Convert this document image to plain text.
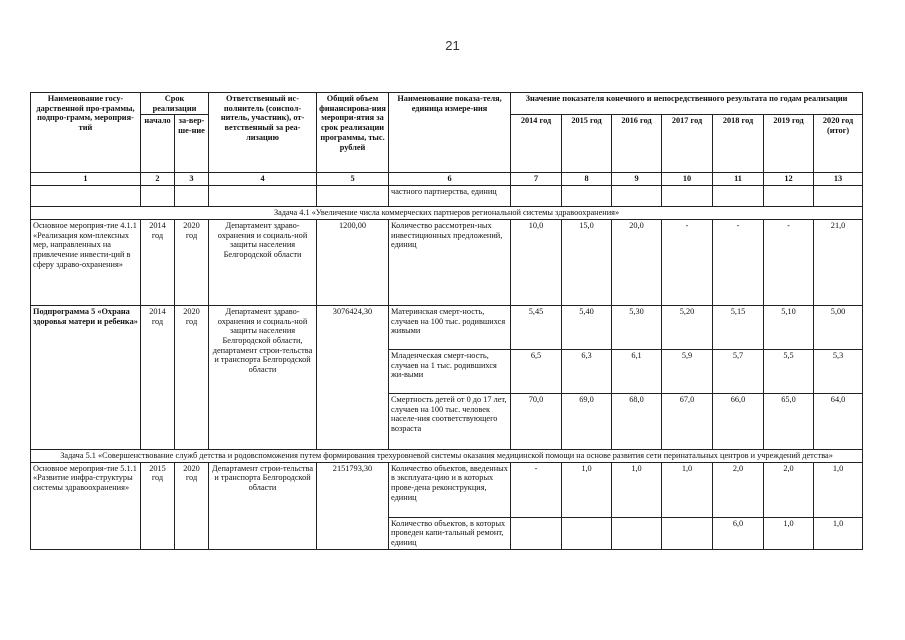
21
Наименование госу-дарственной про-граммы, подпро-грамм, мероприя-тий	Срок реализации		Ответственный ис-полнитель (соиспол-нитель, участник), от-ветственный за реа-лизацию	Общий объем финансирова-ния меропри-ятия за срок реализации программы, тыс. рублей	Наименование показа-теля, единица измере-ния	Значение показателя конечного и непосредственного результата по годам реализации						
	начало	за-вер-ше-ние				2014 год	2015 год	2016 год	2017 год	2018 год	2019 год	2020 год (итог)
1	2	3	4	5	6	7	8	9	10	11	12	13
					частного партнерства, единиц							
Задача 4.1 «Увеличение числа коммерческих партнеров региональной системы здравоохранения»												
Основное мероприя-тие 4.1.1 «Реализация ком-плексных мер, направленных на привлечение инвести-ций в сферу здраво-охранения»	2014 год	2020 год	Департамент здраво-охранения и социаль-ной защиты населения Белгородской области	1200,00	Количество рассмотрен-ных инвестиционных предложений, единиц	10,0	15,0	20,0	-	-	-	21,0
Подпрограмма 5 «Охрана здоровья матери и ребенка»	2014 год	2020 год	Департамент здраво-охранения и социаль-ной защиты населения Белгородской области, департамент строи-тельства и транспорта Белгородской области	3076424,30	Материнская смерт-ность, случаев на 100 тыс. родившихся живыми	5,45	5,40	5,30	5,20	5,15	5,10	5,00
					Младенческая смерт-ность, случаев на 1 тыс. родившихся жи-выми	6,5	6,3	6,1	5,9	5,7	5,5	5,3
					Смертность детей от 0 до 17 лет, случаев на 100 тыс. человек населе-ния соответствующего возраста	70,0	69,0	68,0	67,0	66,0	65,0	64,0
Задача 5.1 «Совершенствование служб детства и родовспоможения путем формирования трехуровневой системы оказания медицинской помощи на основе развития сети перинатальных центров и учреждений детства»												
Основное мероприя-тие 5.1.1 «Развитие инфра-структуры системы здравоохранения»	2015 год	2020 год	Департамент строи-тельства и транспорта Белгородской области	2151793,30	Количество объектов, введенных в эксплуата-цию и в которых прове-дена реконструкция, единиц	-	1,0	1,0	1,0	2,0	2,0	1,0
					Количество объектов, в которых проведен капи-тальный ремонт, единиц					6,0	1,0	1,0
